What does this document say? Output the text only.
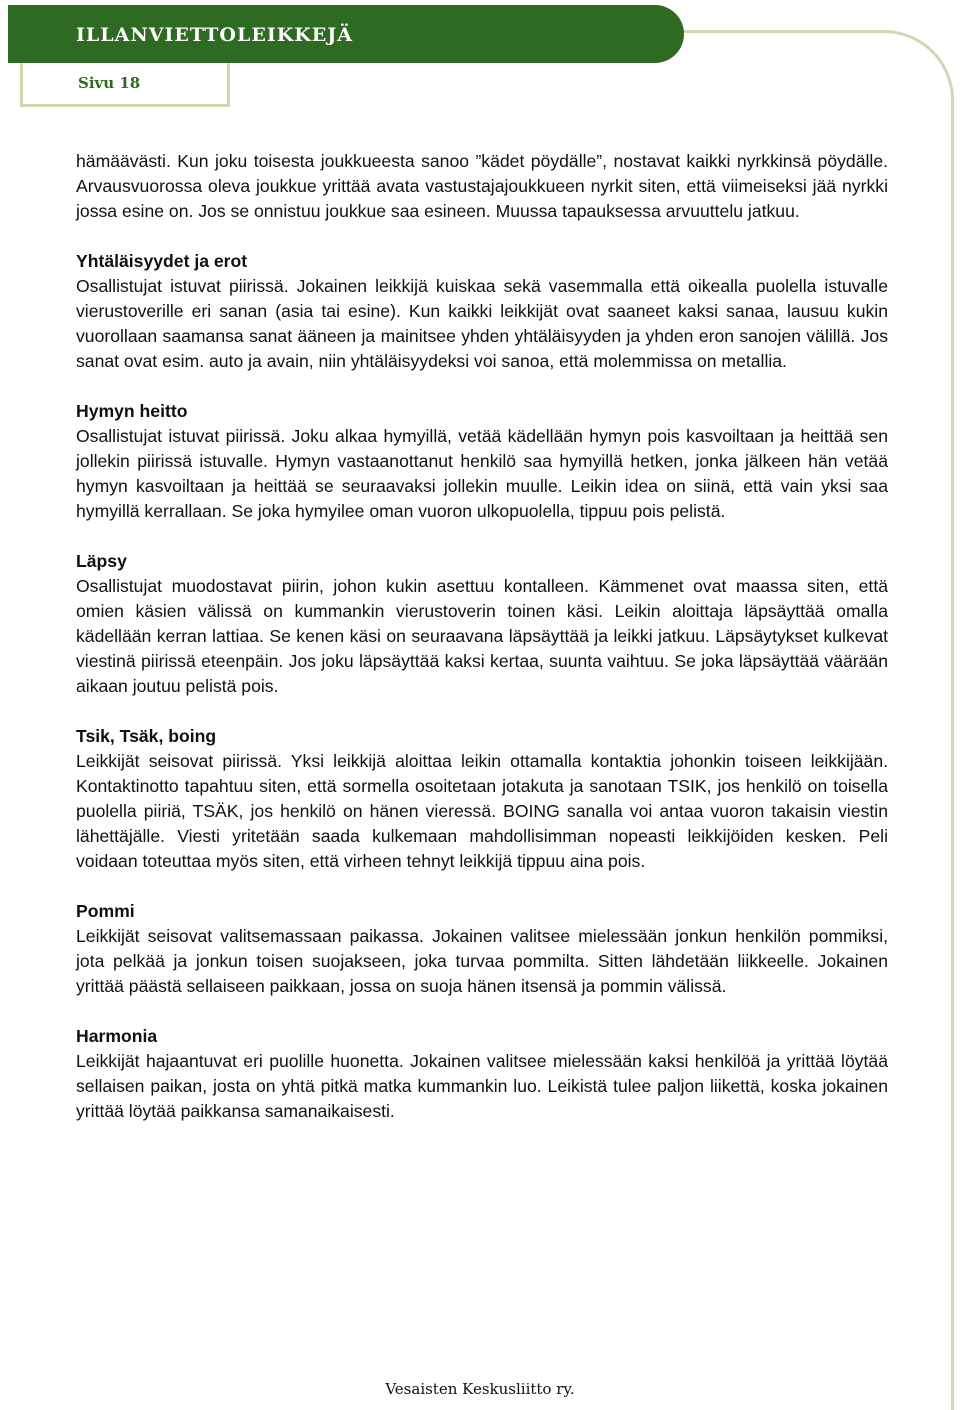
ILLANVIETTOLEIKKEJÄ
Sivu 18

hämäävästi. Kun joku toisesta joukkueesta sanoo ”kädet pöydälle”, nostavat kaikki nyrkkinsä pöydälle. Arvausvuorossa oleva joukkue yrittää avata vastustajajoukkueen nyrkit siten, että viimeiseksi jää nyrkki jossa esine on. Jos se onnistuu joukkue saa esineen. Muussa tapauksessa arvuuttelu jatkuu.

Yhtäläisyydet ja erot

Osallistujat istuvat piirissä. Jokainen leikkijä kuiskaa sekä vasemmalla että oikealla puolella istuvalle vierustoverille eri sanan (asia tai esine). Kun kaikki leikkijät ovat saaneet kaksi sanaa, lausuu kukin vuorollaan saamansa sanat ääneen ja mainitsee yhden yhtäläisyyden ja yhden eron sanojen välillä. Jos sanat ovat esim. auto ja avain, niin yhtäläisyydeksi voi sanoa, että molemmissa on metallia.

Hymyn heitto

Osallistujat istuvat piirissä. Joku alkaa hymyillä, vetää kädellään hymyn pois kasvoiltaan ja heittää sen jollekin piirissä istuvalle. Hymyn vastaanottanut henkilö saa hymyillä hetken, jonka jälkeen hän vetää hymyn kasvoiltaan ja heittää se seuraavaksi jollekin muulle. Leikin idea on siinä, että vain yksi saa hymyillä kerrallaan. Se joka hymyilee oman vuoron ulkopuolella, tippuu pois pelistä.

Läpsy

Osallistujat muodostavat piirin, johon kukin asettuu kontalleen. Kämmenet ovat maassa siten, että omien käsien välissä on kummankin vierustoverin toinen käsi. Leikin aloittaja läpsäyttää omalla kädellään kerran lattiaa. Se kenen käsi on seuraavana läpsäyttää ja leikki jatkuu. Läpsäytykset kulkevat viestinä piirissä eteenpäin. Jos joku läpsäyttää kaksi kertaa, suunta vaihtuu. Se joka läpsäyttää väärään aikaan joutuu pelistä pois.

Tsik, Tsäk, boing

Leikkijät seisovat piirissä. Yksi leikkijä aloittaa leikin ottamalla kontaktia johonkin toiseen leikkijään. Kontaktinotto tapahtuu siten, että sormella osoitetaan jotakuta ja sanotaan TSIK, jos henkilö on toisella puolella piiriä, TSÄK, jos henkilö on hänen vieressä. BOING sanalla voi antaa vuoron takaisin viestin lähettäjälle. Viesti yritetään saada kulkemaan mahdollisimman nopeasti leikkijöiden kesken. Peli voidaan toteuttaa myös siten, että virheen tehnyt leikkijä tippuu aina pois.

Pommi

Leikkijät seisovat valitsemassaan paikassa. Jokainen valitsee mielessään jonkun henkilön pommiksi, jota pelkää ja jonkun toisen suojakseen, joka turvaa pommilta. Sitten lähdetään liikkeelle. Jokainen yrittää päästä sellaiseen paikkaan, jossa on suoja hänen itsensä ja pommin välissä.

Harmonia

Leikkijät hajaantuvat eri puolille huonetta. Jokainen valitsee mielessään kaksi henkilöä ja yrittää löytää sellaisen paikan, josta on yhtä pitkä matka kummankin luo. Leikistä tulee paljon liikettä, koska jokainen yrittää löytää paikkansa samanaikaisesti.

Vesaisten Keskusliitto ry.
